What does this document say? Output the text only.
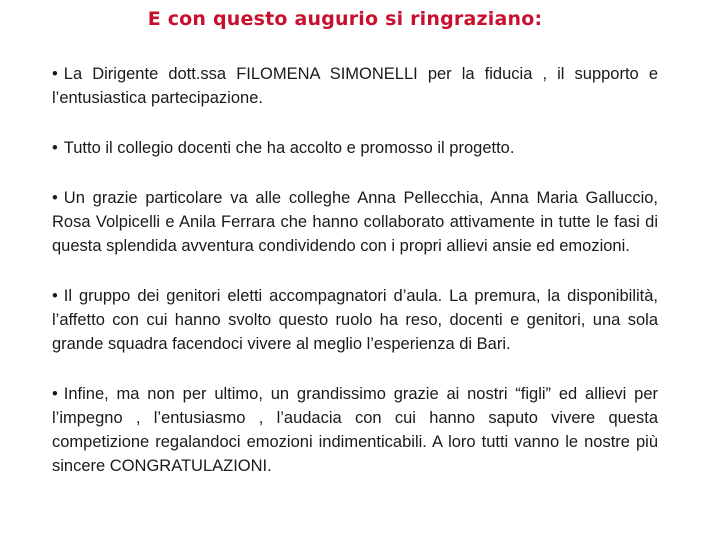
E con questo augurio si ringraziano:

• La Dirigente dott.ssa FILOMENA SIMONELLI per la fiducia , il supporto e l’entusiastica partecipazione.

• Tutto il collegio docenti che ha accolto e promosso il progetto.

• Un grazie particolare va alle colleghe Anna Pellecchia, Anna Maria Galluccio, Rosa Volpicelli e Anila Ferrara che hanno collaborato attivamente in tutte le fasi di questa splendida avventura condividendo con i propri allievi ansie ed emozioni.

• Il gruppo dei genitori eletti accompagnatori d’aula. La premura, la disponibilità, l’affetto con cui hanno svolto questo ruolo ha reso, docenti e genitori, una sola grande squadra facendoci vivere al meglio l’esperienza di Bari.

• Infine, ma non per ultimo, un grandissimo grazie ai nostri “figli” ed allievi per l’impegno , l’entusiasmo , l’audacia con cui hanno saputo vivere questa competizione regalandoci emozioni indimenticabili. A loro tutti vanno le nostre più sincere CONGRATULAZIONI.
